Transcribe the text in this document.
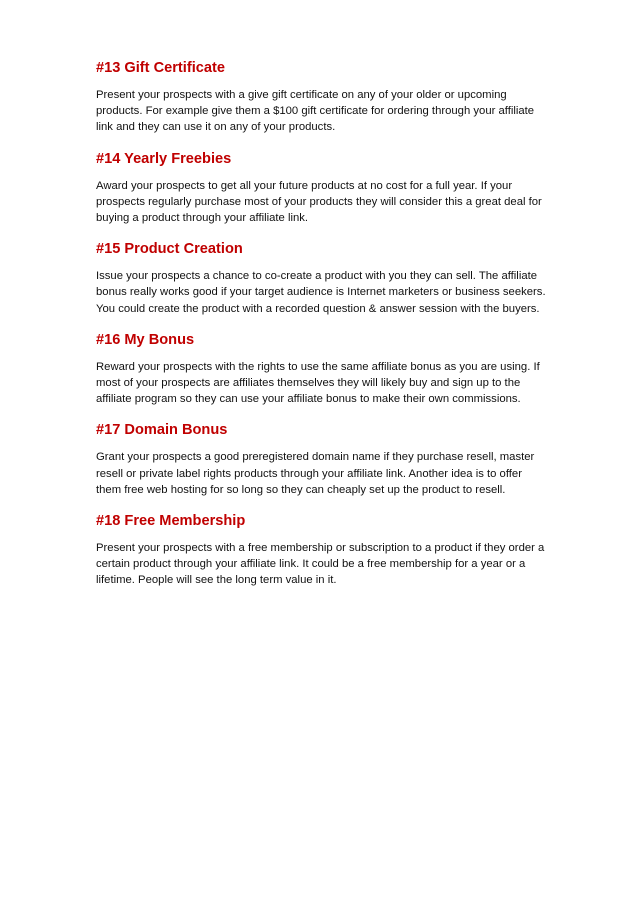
#13 Gift Certificate

Present your prospects with a give gift certificate on any of your older or upcoming products. For example give them a $100 gift certificate for ordering through your affiliate link and they can use it on any of your products.

#14 Yearly Freebies

Award your prospects to get all your future products at no cost for a full year. If your prospects regularly purchase most of your products they will consider this a great deal for buying a product through your affiliate link.

#15 Product Creation

Issue your prospects a chance to co-create a product with you they can sell. The affiliate bonus really works good if your target audience is Internet marketers or business seekers. You could create the product with a recorded question & answer session with the buyers.

#16 My Bonus

Reward your prospects with the rights to use the same affiliate bonus as you are using. If most of your prospects are affiliates themselves they will likely buy and sign up to the affiliate program so they can use your affiliate bonus to make their own commissions.

#17 Domain Bonus

Grant your prospects a good preregistered domain name if they purchase resell, master resell or private label rights products through your affiliate link. Another idea is to offer them free web hosting for so long so they can cheaply set up the product to resell.

#18 Free Membership

Present your prospects with a free membership or subscription to a product if they order a certain product through your affiliate link. It could be a free membership for a year or a lifetime. People will see the long term value in it.
